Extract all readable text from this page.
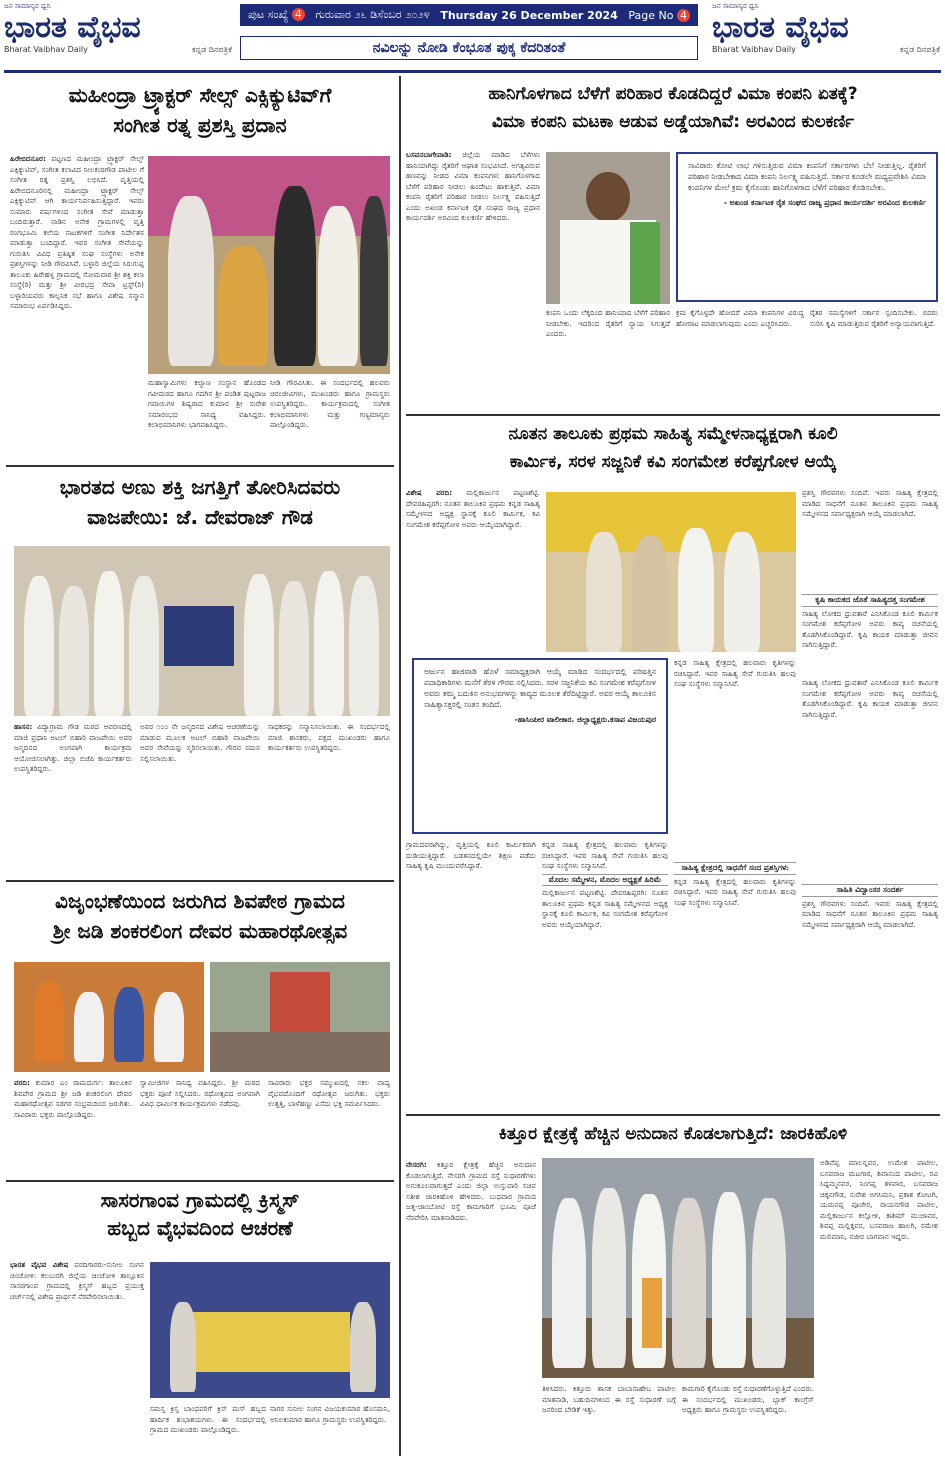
ಜನ ಸಾಮಾನ್ಯರ ಧ್ವನಿ
ಭಾರತ ವೈಭವ
Bharat Vaibhav Daily	ಕನ್ನಡ ದಿನಪತ್ರಿಕೆ
ಪುಟ ಸಂಖ್ಯೆ 4 ಗುರುವಾರ ೨೬ ಡಿಸೆಂಬರ ೨೦೨೪ Thursday 26 December 2024 Page No 4
ನವಿಲನ್ನು ನೋಡಿ ಕೆಂಭೂತ ಪುಕ್ಕ ಕೆದರಿತಂತೆ
ಜನ ಸಾಮಾನ್ಯರ ಧ್ವನಿ
ಭಾರತ ವೈಭವ
Bharat Vaibhav Daily	ಕನ್ನಡ ದಿನಪತ್ರಿಕೆ
ಮಹೀಂದ್ರಾ ಟ್ರ್ಯಾಕ್ಟರ್ ಸೇಲ್ಸ್ ಎಕ್ಸಿಕ್ಯುಟಿವ್‌ಗೆ
ಸಂಗೀತ ರತ್ನ ಪ್ರಶಸ್ತಿ ಪ್ರದಾನ
ಹಿರೇಬಿದನೂರ: ಪಟ್ಟಣದ ಮಹೀಂದ್ರಾ ಟ್ರ್ಯಾಕ್ಟರ್ ಸೇಲ್ಸ್ ಎಕ್ಸಿಕ್ಯುಟಿವ್, ಸಂಗೀತ ಕಲಾವಿದ ನೀಲಕಂಠಗೌಡ ಪಾಟೀಲ ಗೆ ಸಂಗೀತ ರತ್ನ ಪ್ರಶಸ್ತಿ ಲಭಿಸಿದೆ. ವೃತ್ತಿಯಲ್ಲಿ ಹಿರೇಬಿದನೂರಿನಲ್ಲಿ ಮಹೀಂದ್ರಾ ಟ್ರ್ಯಾಕ್ಟರ್ ಸೇಲ್ಸ್ ಎಕ್ಸಿಕ್ಯುಟಿವ್ ಆಗಿ ಕಾರ್ಯನಿರ್ವಹಿಸುತ್ತಿದ್ದಾರೆ. ಇವರು ಸುಮಾರು ವರ್ಷಗಳಿಂದ ಸಂಗೀತ ಸೇವೆ ಮಾಡುತ್ತಾ ಬಂದಿರುತ್ತಾರೆ. ನಾಡಿನ ಅನೇಕ ಗ್ರಾಮಗಳಲ್ಲಿ ವೃತ್ತಿ ರಂಗಭೂಮಿ ಕಲೆಯ ನಾಟಕಗಳಿಗೆ ಸಂಗೀತ ನಿರ್ದೇಶನ ಮಾಡುತ್ತಾ ಬಂದಿದ್ದಾರೆ. ಇವರ ಸಂಗೀತ ಸೇವೆಯನ್ನು ಗುರುತಿಸಿ ವಿವಿಧ ಪ್ರತಿಷ್ಠಿತ ಸಂಘ ಸಂಸ್ಥೆಗಳು ಅನೇಕ ಪ್ರಶಸ್ತಿಗಳನ್ನು ನೀಡಿ ಗೌರವಿಸಿವೆ. ಬಳ್ಳಾರಿ ಜಿಲ್ಲೆಯ ಸಿರುಗುಪ್ಪ ತಾಲೂಕು ಹಿರೇಹಳ್ಳ ಗ್ರಾಮದಲ್ಲಿ ಸೋಮವಾರ ಶ್ರೀ ಶಕ್ತಿ ಕಲಾ ಸಂಸ್ಥೆ(ರಿ) ಮತ್ತು ಶ್ರೀ ವೀರಭದ್ರ ಸೇವಾ ಟ್ರಸ್ಟ್(ರಿ) ಬಳ್ಳಾರಿಯವರು ಕಾಲ್ಪನಿಕ ಸಭೆ ಹಾಗೂ ವಿಶೇಷ ಸನ್ಮಾನ ಸಮಾರಂಭ ಏರ್ಪಡಿಸಿದ್ದರು.
ಮಹಾಸ್ವಾಮಿಗಳು ಕಲ್ಯಾಣ ಸಂಸ್ಥಾನ ಹೊಂಡದ ಗವೀಮಠದ ಹಾಗೂ ಗದಗಿನ ಶ್ರೀ ಪಂಡಿತ ಪುಟ್ಟರಾಜ ಗವಾಯಿಗಳ ಶಿಷ್ಯರಾದ ಕುಮಾರ ಶ್ರೀ ಸುರೇಶ ಸಮಾರಂಭದ ಸಾನಿಧ್ಯ ವಹಿಸಿದ್ದರು. ಕಲಾಭಿಮಾನಿಗಳು ಭಾಗವಹಿಸಿದ್ದರು.
ನೀಡಿ ಗೌರವಿಸಿತು. ಈ ಸಂದರ್ಭದಲ್ಲಿ ಹಲವರು ಚಿರಂಜೀವಿಗಳು, ಮುಖಂಡರು ಹಾಗೂ ಗ್ರಾಮಸ್ಥರು ಉಪಸ್ಥಿತರಿದ್ದರು. ಕಾರ್ಯಕ್ರಮದಲ್ಲಿ ಸಂಗೀತ ಕಲಾಭಿಮಾನಿಗಳು ಮತ್ತು ಗಣ್ಯಮಾನ್ಯರು ಪಾಲ್ಗೊಂಡಿದ್ದರು.
ಭಾರತದ ಅಣು ಶಕ್ತಿ ಜಗತ್ತಿಗೆ ತೋರಿಸಿದವರು
ವಾಜಪೇಯಿ: ಜೆ. ದೇವರಾಜ್ ಗೌಡ
ಹಾಸನ: ವಿದ್ಯಾಗ್ರಾಮ ಗೌಡ ಮಠದ ಆವರಣದಲ್ಲಿ ಮಾಜಿ ಪ್ರಧಾನಿ ಅಟಲ್ ಬಿಹಾರಿ ವಾಜಪೇಯಿ ಅವರ ಜನ್ಮದಿನದ ಅಂಗವಾಗಿ ಕಾರ್ಯಕ್ರಮ ಆಯೋಜಿಸಲಾಗಿತ್ತು. ಜಿಲ್ಲಾ ಬಿಜೆಪಿ ಕಾರ್ಯಕರ್ತರು ಉಪಸ್ಥಿತರಿದ್ದರು.
ಅವರ ೧೦೦ ನೇ ಜನ್ಮದಿನದ ವಿಶೇಷ ಆಚರಣೆಯನ್ನು ಮಾಡುವ ಮೂಲಕ ಅಟಲ್ ಬಿಹಾರಿ ವಾಜಪೇಯಿ ಅವರ ಸೇವೆಯನ್ನು ಸ್ಮರಿಸಲಾಯಿತು. ಗೌರವ ನಮನ ಸಲ್ಲಿಸಲಾಯಿತು.
ಸಾಧಕರನ್ನು ಸನ್ಮಾನಿಸಲಾಯಿತು. ಈ ಸಂದರ್ಭದಲ್ಲಿ ಮಾಜಿ ಶಾಸಕರು, ಪಕ್ಷದ ಮುಖಂಡರು ಹಾಗೂ ಕಾರ್ಯಕರ್ತರು ಉಪಸ್ಥಿತರಿದ್ದರು.
ವಿಜೃಂಭಣೆಯಿಂದ ಜರುಗಿದ ಶಿವಪೇಠ ಗ್ರಾಮದ
ಶ್ರೀ ಜಡಿ ಶಂಕರಲಿಂಗ ದೇವರ ಮಹಾರಥೋತ್ಸವ
ವರದಿ: ಕುಮಾರ ಎಂ ರಾಮದುರ್ಗ: ತಾಲೂಕಿನ ಶಿವಪೇಠ ಗ್ರಾಮದ ಶ್ರೀ ಜಡಿ ಶಂಕರಲಿಂಗ ದೇವರ ಮಹಾರಥೋತ್ಸವ ಸಡಗರ ಸಂಭ್ರಮದಿಂದ ಜರುಗಿತು. ಸಾವಿರಾರು ಭಕ್ತರು ಪಾಲ್ಗೊಂಡಿದ್ದರು.
ಸ್ವಾಮೀಜಿಗಳ ಸಾನಿಧ್ಯ ವಹಿಸಿದ್ದರು. ಶ್ರೀ ಮಠದ ಭಕ್ತರು ಪೂಜೆ ಸಲ್ಲಿಸಿದರು. ರಥೋತ್ಸವದ ಅಂಗವಾಗಿ ವಿವಿಧ ಧಾರ್ಮಿಕ ಕಾರ್ಯಕ್ರಮಗಳು ನಡೆದವು.
ಸಾವಿರಾರು ಭಕ್ತರ ಸಮ್ಮುಖದಲ್ಲಿ ಸಕಲ ವಾದ್ಯ ವೈಭವದೊಂದಿಗೆ ರಥೋತ್ಸವ ಜರುಗಿತು. ಭಕ್ತರು ಉತ್ತತ್ತಿ, ಬಾಳೆಹಣ್ಣು ಎಸೆದು ಭಕ್ತಿ ಸಮರ್ಪಿಸಿದರು.
ಸಾಸರಗಾಂವ ಗ್ರಾಮದಲ್ಲಿ ಕ್ರಿಸ್ಮಸ್
ಹಬ್ಬದ ವೈಭವದಿಂದ ಆಚರಣೆ
ಭಾರತ ವೈಭವ ವಿಶೇಷ ವರದಿಗಾರರು-ಸುನೀಲ ಸಂಗನ ಚಿಂಚೋಳಿ: ಕಲಬುರಗಿ ಜಿಲ್ಲೆಯ ಚಿಂಚೋಳಿ ತಾಲ್ಲೂಕಿನ ಸಾಸರಗಾಂವ ಗ್ರಾಮದಲ್ಲಿ ಕ್ರಿಸ್ಮಸ್ ಹಬ್ಬದ ಪ್ರಯುಕ್ತ ಚರ್ಚ್‌ನಲ್ಲಿ ವಿಶೇಷ ಪ್ರಾರ್ಥನೆ ನೆರವೇರಿಸಲಾಯಿತು.
ಸಮಸ್ತ ಕ್ರಿಸ್ತ ಬಾಂಧವರಿಗೆ ಕ್ರಿಸ್ ಮಸ್ ಹಬ್ಬದ ಹಾರ್ದಿಕ ಶುಭಾಶಯಗಳು. ಈ ಸಂದರ್ಭದಲ್ಲಿ ಗ್ರಾಮದ ಮುಖಂಡರು ಪಾಲ್ಗೊಂಡಿದ್ದರು.
ನಾಗರ ಸುನೀಲ ಸಂಗನ ವಿಜಯಕುಮಾರ ಹೊಸಮನಿ, ಅನಿಲಕುಮಾರ ಹಾಗೂ ಗ್ರಾಮಸ್ಥರು ಉಪಸ್ಥಿತರಿದ್ದರು.
ಹಾನಿಗೊಳಗಾದ ಬೆಳೆಗೆ ಪರಿಹಾರ ಕೊಡದಿದ್ದರೆ ವಿಮಾ ಕಂಪನಿ ಏತಕ್ಕೆ?
ವಿಮಾ ಕಂಪನಿ ಮಟಕಾ ಆಡುವ ಅಡ್ಡೆಯಾಗಿವೆ: ಅರವಿಂದ ಕುಲಕರ್ಣಿ
ಬಸವನಬಾಗೇವಾಡಿ: ಜಿಲ್ಲೆಯ ಮಾಡಿದ ಬೆಳೆಗಳು ಹಾನಿಯಾಗಿದ್ದು ರೈತರಿಗೆ ಆಘಾತ ಸಂಭವಿಸಿದೆ. ಅಗತ್ಯವಿರುವ ಹಣವನ್ನು ನೀಡದ ವಿಮಾ ಕಂಪನಿಗಳು ಹಾನಿಗೊಳಗಾದ ಬೆಳೆಗೆ ಪರಿಹಾರ ನೀಡಲು ಹಿಂದೇಟು ಹಾಕುತ್ತಿವೆ. ವಿಮಾ ಕಂಪನಿ ರೈತರಿಗೆ ಪರಿಹಾರ ನೀಡಲು ನಿರ್ಲಕ್ಷ್ಯ ವಹಿಸುತ್ತಿದೆ ಎಂದು ಅಖಂಡ ಕರ್ನಾಟಕ ರೈತ ಸಂಘದ ರಾಜ್ಯ ಪ್ರಧಾನ ಕಾರ್ಯದರ್ಶಿ ಅರವಿಂದ ಕುಲಕರ್ಣಿ ಹೇಳಿದರು.
ಸಾವಿರಾರು ಕೋಟಿ ಲಾಭ ಗಳಿಸುತ್ತಿರುವ ವಿಮಾ ಕಂಪನಿಗೆ ಸರ್ಕಾರಗಳು ಬೆಲೆ ನೀಡುತ್ತಿಲ್ಲ. ರೈತರಿಗೆ ಪರಿಹಾರ ನೀಡಬೇಕಾದ ವಿಮಾ ಕಂಪನಿ ನಿರ್ಲಕ್ಷ್ಯ ವಹಿಸುತ್ತಿದೆ. ಸರ್ಕಾರ ಕೂಡಲೇ ಮಧ್ಯಪ್ರವೇಶಿಸಿ ವಿಮಾ ಕಂಪನಿಗಳ ಮೇಲೆ ಕ್ರಮ ಕೈಗೊಂಡು ಹಾನಿಗೊಳಗಾದ ಬೆಳೆಗೆ ಪರಿಹಾರ ಕೊಡಿಸಬೇಕು.
- ಅಖಂಡ ಕರ್ನಾಟಕ ರೈತ ಸಂಘದ ರಾಜ್ಯ ಪ್ರಧಾನ ಕಾರ್ಯದರ್ಶಿ ಅರವಿಂದ ಕುಲಕರ್ಣಿ
ಕಂಪನಿ ಒಂದು ಲೆಕ್ಕದಿಂದ ಹಾನಿಯಾದ ಬೆಳೆಗೆ ಪರಿಹಾರ ನೀಡಬೇಕು. ಇದರಿಂದ ರೈತರಿಗೆ ನ್ಯಾಯ ಸಿಗುತ್ತದೆ ಎಂದರು.
ಕ್ರಮ ಕೈಗೊಳ್ಳದೇ ಹೋದರೆ ವಿಮಾ ಕಂಪನಿಗಳ ವಿರುದ್ಧ ಹೋರಾಟ ಮಾಡಲಾಗುವುದು ಎಂದು ಎಚ್ಚರಿಸಿದರು.
ರೈತರ ಸಮಸ್ಯೆಗಳಿಗೆ ಸರ್ಕಾರ ಸ್ಪಂದಿಸಬೇಕು. ಬಿದರು ಸುರಿಸಿ ಕೃಷಿ ಮಾಡುತ್ತಿರುವ ರೈತರಿಗೆ ಅನ್ಯಾಯವಾಗುತ್ತಿದೆ.
ನೂತನ ತಾಲೂಕು ಪ್ರಥಮ ಸಾಹಿತ್ಯ ಸಮ್ಮೇಳನಾಧ್ಯಕ್ಷರಾಗಿ ಕೂಲಿ
ಕಾರ್ಮಿಕ, ಸರಳ ಸಜ್ಜನಿಕೆ ಕವಿ ಸಂಗಮೇಶ ಕರೆಪ್ಪಗೋಳ ಆಯ್ಕೆ
ವಿಶೇಷ ವರದಿ: ಮಲ್ಲಿಕಾರ್ಜುನ ಪಟ್ಟಣಶೆಟ್ಟಿ. ದೇವರಹಿಪ್ಪರಗಿ: ನೂತನ ತಾಲೂಕಿನ ಪ್ರಥಮ ಕನ್ನಡ ಸಾಹಿತ್ಯ ಸಮ್ಮೇಳನದ ಅಧ್ಯಕ್ಷ ಸ್ಥಾನಕ್ಕೆ ಕೂಲಿ ಕಾರ್ಮಿಕ, ಕವಿ ಸಂಗಮೇಶ ಕರೆಪ್ಪಗೋಳ ಅವರು ಆಯ್ಕೆಯಾಗಿದ್ದಾರೆ.
ಪ್ರಶಸ್ತಿ ಗೌರವಗಳು ಸಂದಿವೆ. ಇವರು ಸಾಹಿತ್ಯ ಕ್ಷೇತ್ರದಲ್ಲಿ ಮಾಡಿದ ಸಾಧನೆಗೆ ನೂತನ ತಾಲೂಕಿನ ಪ್ರಥಮ ಸಾಹಿತ್ಯ ಸಮ್ಮೇಳನದ ಸರ್ವಾಧ್ಯಕ್ಷರಾಗಿ ಆಯ್ಕೆ ಮಾಡಲಾಗಿದೆ.
ಕೃಷಿ ಕಾಯಕದ ಜೊತೆ ಸಾಹಿತ್ಯದತ್ತ ಸಂಗಮೇಶ
ಸಾಹಿತ್ಯ ಲೋಕದ ಧ್ರುವತಾರೆ ಎನಿಸಿಕೊಂಡ ಕೂಲಿ ಕಾರ್ಮಿಕ ಸಂಗಮೇಶ ಕರೆಪ್ಪಗೋಳ ಅವರು ಕಾವ್ಯ ರಚನೆಯಲ್ಲಿ ತೊಡಗಿಸಿಕೊಂಡಿದ್ದಾರೆ. ಕೃಷಿ ಕಾಯಕ ಮಾಡುತ್ತಾ ಜೀವನ ಸಾಗಿಸುತ್ತಿದ್ದಾರೆ.
ಅರ್ಜುನ ಹಾಜಿವಾಡಿ ಹೊಳೆ ಸಮಾಧ್ಯಕ್ಷರಾಗಿ ಆಯ್ಕೆ ಮಾಡಿದ ಸಂದರ್ಭದಲ್ಲಿ ಪರಿಷತ್ತಿನ ಪದಾಧಿಕಾರಿಗಳು ಮನೆಗೆ ತೆರಳಿ ಗೌರವ ಸಲ್ಲಿಸಿದರು. ಸರಳ ಸಜ್ಜನಿಕೆಯ ಕವಿ ಸಂಗಮೇಶ ಕರೆಪ್ಪಗೋಳ ಅವರು ತಮ್ಮ ಬದುಕಿನ ಅನುಭವಗಳನ್ನು ಕಾವ್ಯದ ಮೂಲಕ ತೆರೆದಿಟ್ಟಿದ್ದಾರೆ. ಅವರ ಆಯ್ಕೆ ತಾಲೂಕಿನ ಸಾಹಿತ್ಯಾಸಕ್ತರಲ್ಲಿ ಸಂತಸ ತಂದಿದೆ.
-ಹಾಸಿಂಪೀರ ವಾಲೀಕಾರ. ಜಿಲ್ಲಾಧ್ಯಕ್ಷರು.ಕಸಾಪ ವಿಜಯಪುರ
ಕನ್ನಡ ಸಾಹಿತ್ಯ ಕ್ಷೇತ್ರದಲ್ಲಿ ಹಲವಾರು ಕೃತಿಗಳನ್ನು ರಚಿಸಿದ್ದಾರೆ. ಇವರ ಸಾಹಿತ್ಯ ಸೇವೆ ಗುರುತಿಸಿ ಹಲವು ಸಂಘ ಸಂಸ್ಥೆಗಳು ಸನ್ಮಾನಿಸಿವೆ.	ಸಾಹಿತ್ಯ ಲೋಕದ ಧ್ರುವತಾರೆ ಎನಿಸಿಕೊಂಡ ಕೂಲಿ ಕಾರ್ಮಿಕ ಸಂಗಮೇಶ ಕರೆಪ್ಪಗೋಳ ಅವರು ಕಾವ್ಯ ರಚನೆಯಲ್ಲಿ ತೊಡಗಿಸಿಕೊಂಡಿದ್ದಾರೆ. ಕೃಷಿ ಕಾಯಕ ಮಾಡುತ್ತಾ ಜೀವನ ಸಾಗಿಸುತ್ತಿದ್ದಾರೆ.
ಗ್ರಾಮದವರಾಗಿದ್ದು, ವೃತ್ತಿಯಲ್ಲಿ ಕೂಲಿ ಕಾರ್ಮಿಕರಾಗಿ ದುಡಿಯುತ್ತಿದ್ದಾರೆ. ಬಡತನದಲ್ಲಿಯೇ ಶಿಕ್ಷಣ ಪಡೆದು ಸಾಹಿತ್ಯ ಕೃಷಿ ಮುಂದುವರೆಸಿದ್ದಾರೆ.
ಕನ್ನಡ ಸಾಹಿತ್ಯ ಕ್ಷೇತ್ರದಲ್ಲಿ ಹಲವಾರು ಕೃತಿಗಳನ್ನು ರಚಿಸಿದ್ದಾರೆ. ಇವರ ಸಾಹಿತ್ಯ ಸೇವೆ ಗುರುತಿಸಿ ಹಲವು ಸಂಘ ಸಂಸ್ಥೆಗಳು ಸನ್ಮಾನಿಸಿವೆ.
ಮೊದಲ ಸಮ್ಮೇಳನ, ಮೊದಲ ಅಧ್ಯಕ್ಷತೆ ಹಿರಿಮೆ
ಮಲ್ಲಿಕಾರ್ಜುನ ಪಟ್ಟಣಶೆಟ್ಟಿ. ದೇವರಹಿಪ್ಪರಗಿ: ನೂತನ ತಾಲೂಕಿನ ಪ್ರಥಮ ಕನ್ನಡ ಸಾಹಿತ್ಯ ಸಮ್ಮೇಳನದ ಅಧ್ಯಕ್ಷ ಸ್ಥಾನಕ್ಕೆ ಕೂಲಿ ಕಾರ್ಮಿಕ, ಕವಿ ಸಂಗಮೇಶ ಕರೆಪ್ಪಗೋಳ ಅವರು ಆಯ್ಕೆಯಾಗಿದ್ದಾರೆ.
ಸಾಹಿತ್ಯ ಕ್ಷೇತ್ರದಲ್ಲಿ ಸಾಧನೆಗೆ ಸಂದ ಪ್ರಶಸ್ತಿಗಳು
ಕನ್ನಡ ಸಾಹಿತ್ಯ ಕ್ಷೇತ್ರದಲ್ಲಿ ಹಲವಾರು ಕೃತಿಗಳನ್ನು ರಚಿಸಿದ್ದಾರೆ. ಇವರ ಸಾಹಿತ್ಯ ಸೇವೆ ಗುರುತಿಸಿ ಹಲವು ಸಂಘ ಸಂಸ್ಥೆಗಳು ಸನ್ಮಾನಿಸಿವೆ.
ಸಾಹಿತಿ ವಿದ್ವಾಂಸರ ಸಂದರ್ಶ
ಪ್ರಶಸ್ತಿ ಗೌರವಗಳು ಸಂದಿವೆ. ಇವರು ಸಾಹಿತ್ಯ ಕ್ಷೇತ್ರದಲ್ಲಿ ಮಾಡಿದ ಸಾಧನೆಗೆ ನೂತನ ತಾಲೂಕಿನ ಪ್ರಥಮ ಸಾಹಿತ್ಯ ಸಮ್ಮೇಳನದ ಸರ್ವಾಧ್ಯಕ್ಷರಾಗಿ ಆಯ್ಕೆ ಮಾಡಲಾಗಿದೆ.
ಕಿತ್ತೂರ ಕ್ಷೇತ್ರಕ್ಕೆ ಹೆಚ್ಚಿನ ಅನುದಾನ ಕೊಡಲಾಗುತ್ತಿದೆ: ಜಾರಕಿಹೊಳಿ
ನೇಸರಗಿ: ಕಿತ್ತೂರ ಕ್ಷೇತ್ರಕ್ಕೆ ಹೆಚ್ಚಿನ ಅನುದಾನ ಕೊಡಲಾಗುತ್ತಿದೆ. ನೇಸರಗಿ ಗ್ರಾಮದ ರಸ್ತೆ ಸುಧಾರಣೆಗಳು ಅನುಕೂಲವಾಗುತ್ತದೆ ಎಂದು ಜಿಲ್ಲಾ ಉಸ್ತುವಾರಿ ಸಚಿವ ಸತೀಶ ಜಾರಕಿಹೊಳಿ ಹೇಳಿದರು. ಬುಧವಾರ ಗ್ರಾಮದ ಜತ್ತ-ಜಾಂಬೋಟಿ ರಸ್ತೆ ಕಾಮಗಾರಿಗೆ ಭೂಮಿ ಪೂಜೆ ನೆರವೇರಿಸಿ ಮಾತನಾಡಿದರು.
ಅಡಿವೆಪ್ಪ ಮಾಲನ್ನವರ, ಉಮೇಶ ಪಾಟೀಲ, ಬಸವರಾಜ ಮಟಗಾರ, ಶಿವಾನಂದ ಪಾಟೀಲ, ರವಿ ಸಿದ್ದಮ್ಮನವರ, ನಿಂಗಪ್ಪ ತಳವಾರ, ಬಸವರಾಜ ಚಿಕ್ಕನಗೌಡ, ಸುರೇಶ ಅಗಸಿಮನಿ, ಪ್ರಕಾಶ ಕೋಟಗಿ, ಯಮನಪ್ಪ ಪೂಜೇರ, ರಾಯನಗೌಡ ಪಾಟೀಲ, ಮಲ್ಲಿಕಾರ್ಜುನ ಕಲ್ಲೋಳಿ, ಕಾಶಿಮ್ ಮುಜಾವರ, ಶಿವಪ್ಪ ಮಲ್ಲಿಕ್ಕವರ, ಬಸವರಾಜ ಹಾಲಗಿ, ರಮೇಶ ಮಲಿಮಾನಿ, ನಜೀರ ಬಾಗವಾನ ಇದ್ದರು.
ತಿಳಿಸಿದರು. ಕಿತ್ತೂರು ಶಾಸಕ ಬಾಬಾಸಾಹೇಬ ಪಾಟೀಲ ಮಾತನಾಡಿ, ಬಹುದಿನಗಳಿಂದ ಈ ರಸ್ತೆ ಸುಧಾರಣೆ ಬಗ್ಗೆ ಜನರಿಂದ ಬೇಡಿಕೆ ಇತ್ತು.
ಕಾಮಗಾರಿ ಕೈಗೊಂಡು ರಸ್ತೆ ಸುಧಾರಣೆಗೊಳ್ಳುತ್ತಿದೆ ಎಂದರು. ಈ ಸಂದರ್ಭದಲ್ಲಿ ಮುಖಂಡರು, ಬ್ಲಾಕ್ ಕಾಂಗ್ರೆಸ್ ಅಧ್ಯಕ್ಷರು ಹಾಗೂ ಗ್ರಾಮಸ್ಥರು ಉಪಸ್ಥಿತರಿದ್ದರು.
